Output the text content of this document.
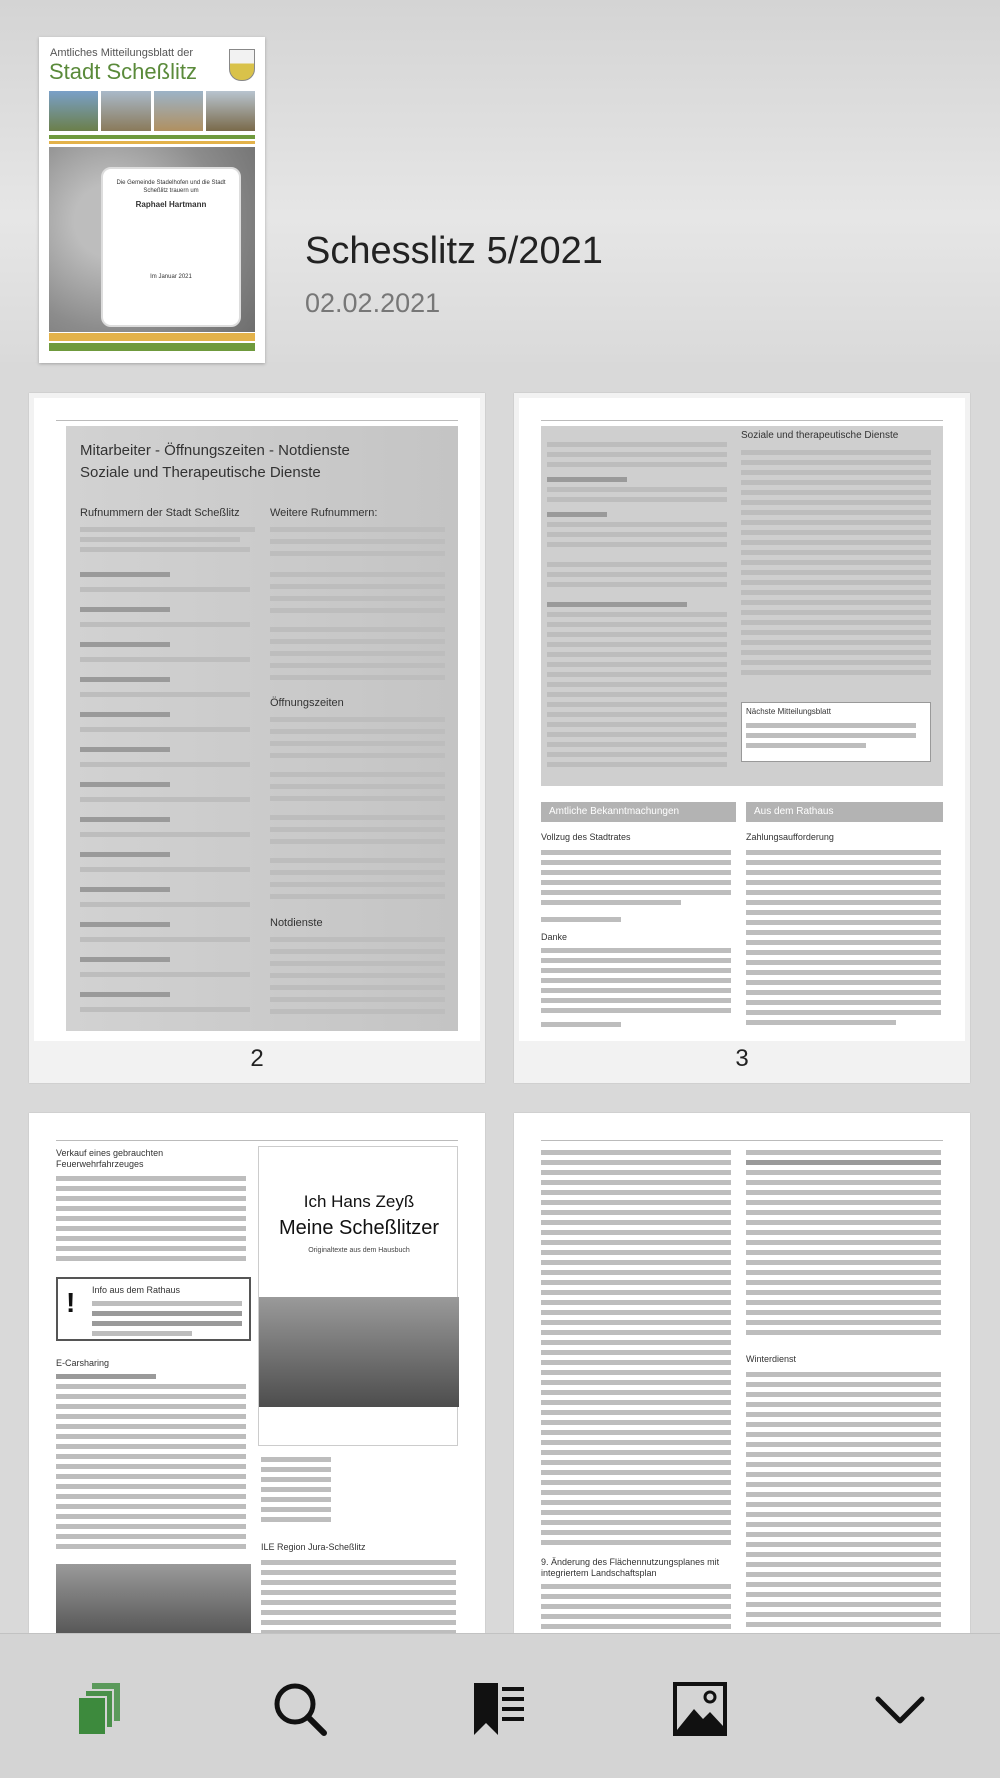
Amtliches Mitteilungsblatt der
Stadt Scheßlitz
Die Gemeinde Stadelhofen und die Stadt Scheßlitz trauern um
Raphael Hartmann
Im Januar 2021
Schesslitz 5/2021
02.02.2021
Mitarbeiter - Öffnungszeiten - Notdienste
Soziale und Therapeutische Dienste
Rufnummern der Stadt Scheßlitz	Weitere Rufnummern:
Öffnungszeiten
Notdienste
2
Soziale und therapeutische Dienste
Nächste Mitteilungsblatt
Amtliche Bekanntmachungen	Aus dem Rathaus
Vollzug des Stadtrates	Zahlungsaufforderung
Danke
3
Verkauf eines gebrauchten Feuerwehrfahrzeuges
! Info aus dem Rathaus
E-Carsharing
Ich Hans Zeyß
Meine Scheßlitzer
Originaltexte aus dem Hausbuch
ILE Region Jura-Scheßlitz
9. Änderung des Flächennutzungsplanes mit integriertem Landschaftsplan
Winterdienst
